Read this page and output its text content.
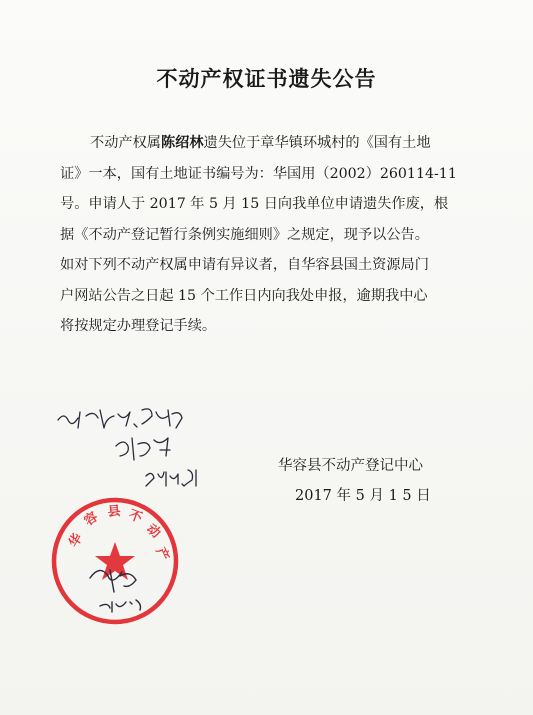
不动产权证书遗失公告
不动产权属陈绍林遗失位于章华镇环城村的《国有土地
证》一本，国有土地证书编号为：华国用（2002）260114-11
号。申请人于 2017 年 5 月 15 日向我单位申请遗失作废，根
据《不动产登记暂行条例实施细则》之规定，现予以公告。
如对下列不动产权属申请有异议者，自华容县国土资源局门
户网站公告之日起 15 个工作日内向我处申报，逾期我中心
将按规定办理登记手续。
华容县不动产登记中心
2017 年 5 月 1 5 日
华
容 县 不
动
产
